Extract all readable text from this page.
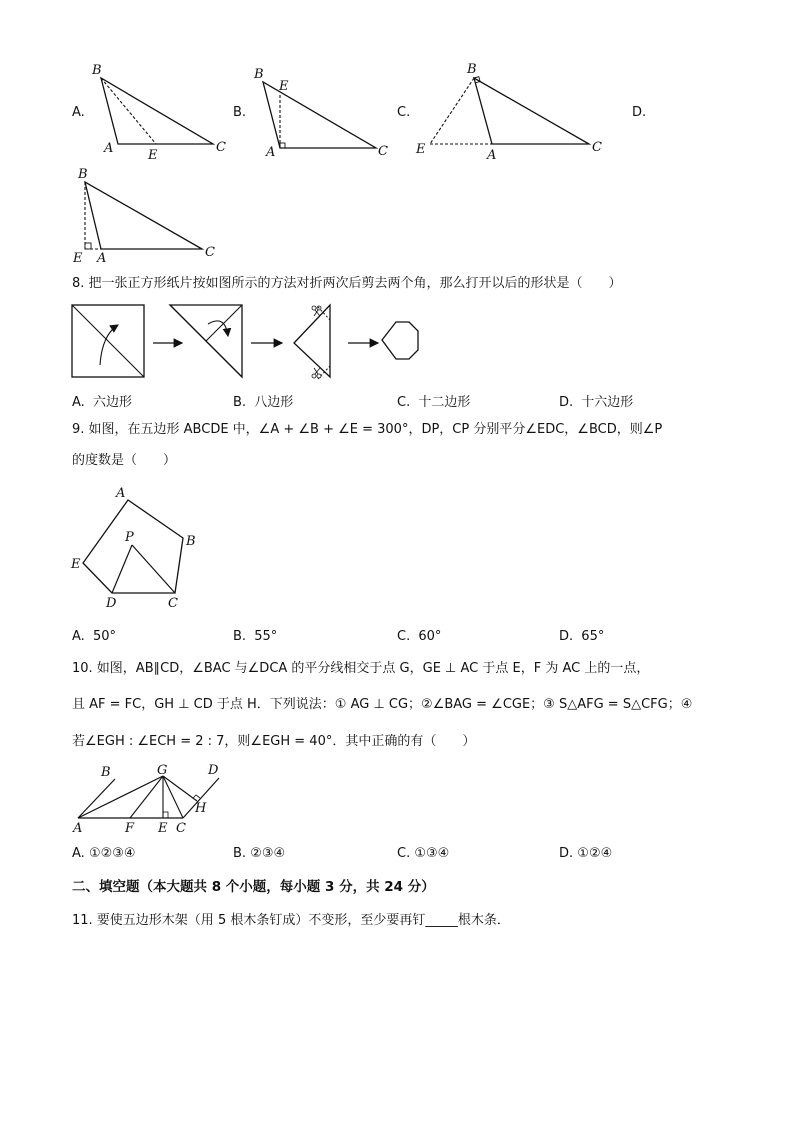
A.
B
A	E
C
B.
B
E
A	C
C.
B
E	A
C
D.
B
E A	C
8. 把一张正方形纸片按如图所示的方法对折两次后剪去两个角，那么打开以后的形状是（　　）
A. 六边形	B. 八边形	C. 十二边形	D. 十六边形
9. 如图，在五边形 ABCDE 中，∠A + ∠B + ∠E = 300°，DP，CP 分别平分∠EDC，∠BCD，则∠P
的度数是（　　）
A
B
C
D
E
P
A. 50°	B. 55°	C. 60°	D. 65°
10. 如图，AB∥CD，∠BAC 与∠DCA 的平分线相交于点 G，GE ⊥ AC 于点 E，F 为 AC 上的一点，
且 AF = FC，GH ⊥ CD 于点 H．下列说法：① AG ⊥ CG；②∠BAG = ∠CGE；③ S△AFG = S△CFG；④
若∠EGH : ∠ECH = 2 : 7，则∠EGH = 40°．其中正确的有（　　）
B	G	D
H
A	F E C
A. ①②③④	B. ②③④	C. ①③④	D. ①②④
二、填空题（本大题共 8 个小题，每小题 3 分，共 24 分）
11. 要使五边形木架（用 5 根木条钉成）不变形，至少要再钉_____根木条．
